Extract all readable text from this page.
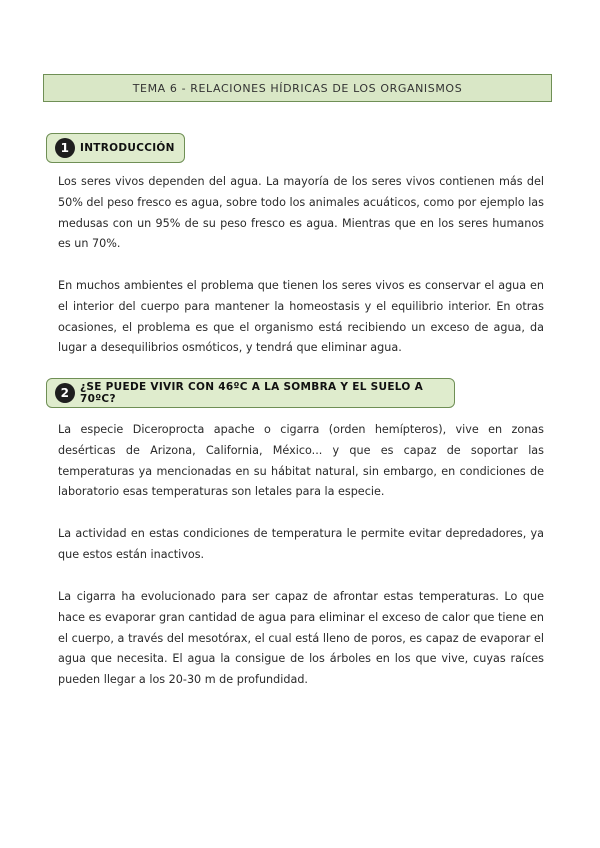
TEMA 6 - RELACIONES HÍDRICAS DE LOS ORGANISMOS
1	INTRODUCCIÓN

Los seres vivos dependen del agua. La mayoría de los seres vivos contienen más del 50% del peso fresco es agua, sobre todo los animales acuáticos, como por ejemplo las medusas con un 95% de su peso fresco es agua. Mientras que en los seres humanos es un 70%.

En muchos ambientes el problema que tienen los seres vivos es conservar el agua en el interior del cuerpo para mantener la homeostasis y el equilibrio interior. En otras ocasiones, el problema es que el organismo está recibiendo un exceso de agua, da lugar a desequilibrios osmóticos, y tendrá que eliminar agua.

2	¿SE PUEDE VIVIR CON 46ºC A LA SOMBRA Y EL SUELO A 70ºC?

La especie Diceroprocta apache o cigarra (orden hemípteros), vive en zonas desérticas de Arizona, California, México... y que es capaz de soportar las temperaturas ya mencionadas en su hábitat natural, sin embargo, en condiciones de laboratorio esas temperaturas son letales para la especie.

La actividad en estas condiciones de temperatura le permite evitar depredadores, ya que estos están inactivos.

La cigarra ha evolucionado para ser capaz de afrontar estas temperaturas. Lo que hace es evaporar gran cantidad de agua para eliminar el exceso de calor que tiene en el cuerpo, a través del mesotórax, el cual está lleno de poros, es capaz de evaporar el agua que necesita. El agua la consigue de los árboles en los que vive, cuyas raíces pueden llegar a los 20-30 m de profundidad.
